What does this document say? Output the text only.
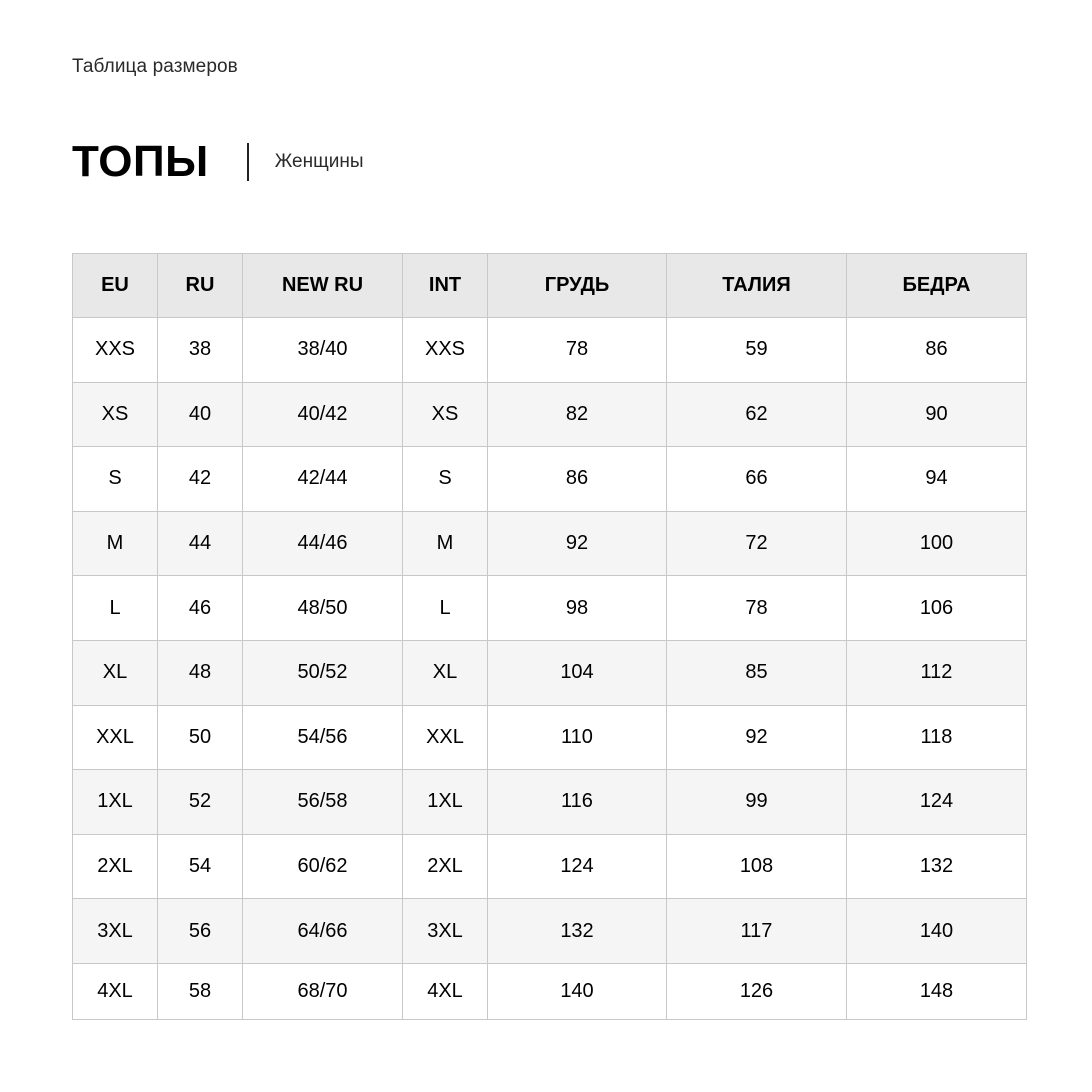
Таблица размеров
ТОПЫ	Женщины
EU	RU	NEW RU	INT	ГРУДЬ	ТАЛИЯ	БЕДРА
XXS	38	38/40	XXS	78	59	86
XS	40	40/42	XS	82	62	90
S	42	42/44	S	86	66	94
M	44	44/46	M	92	72	100
L	46	48/50	L	98	78	106
XL	48	50/52	XL	104	85	112
XXL	50	54/56	XXL	110	92	118
1XL	52	56/58	1XL	116	99	124
2XL	54	60/62	2XL	124	108	132
3XL	56	64/66	3XL	132	117	140
4XL	58	68/70	4XL	140	126	148
